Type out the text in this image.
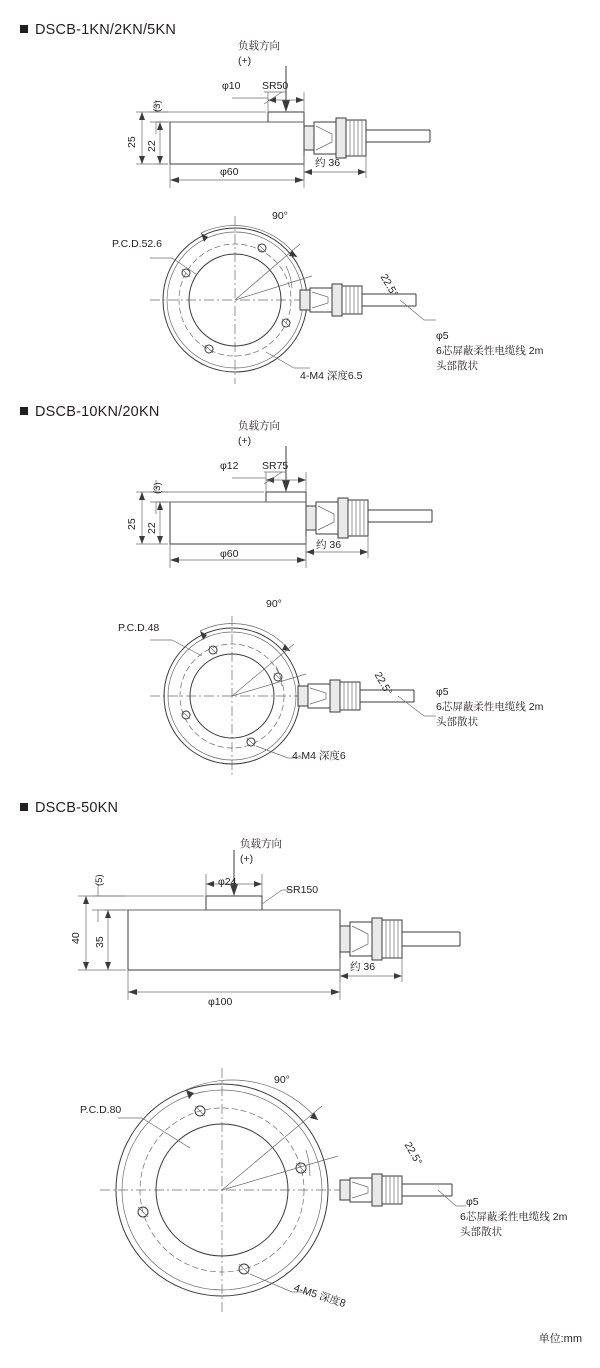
DSCB-1KN/2KN/5KN
负载方向
(+)
φ10 SR50
(3)
25 22
φ60
约 36
P.C.D.52.6
90°
22.5°
4-M4 深度6.5
φ5
6芯屏蔽柔性电缆线 2m
头部散状
DSCB-10KN/20KN
负载方向
(+)
φ12 SR75
(3)
25 22
φ60
约 36
P.C.D.48
90°
22.5°
4-M4 深度6
φ5
6芯屏蔽柔性电缆线 2m
头部散状
DSCB-50KN
负载方向
(+)
φ24
SR150
(5)
40 35
φ100
约 36
P.C.D.80
90°
22.5°
4-M5 深度8
φ5
6芯屏蔽柔性电缆线 2m
头部散状
单位:mm
